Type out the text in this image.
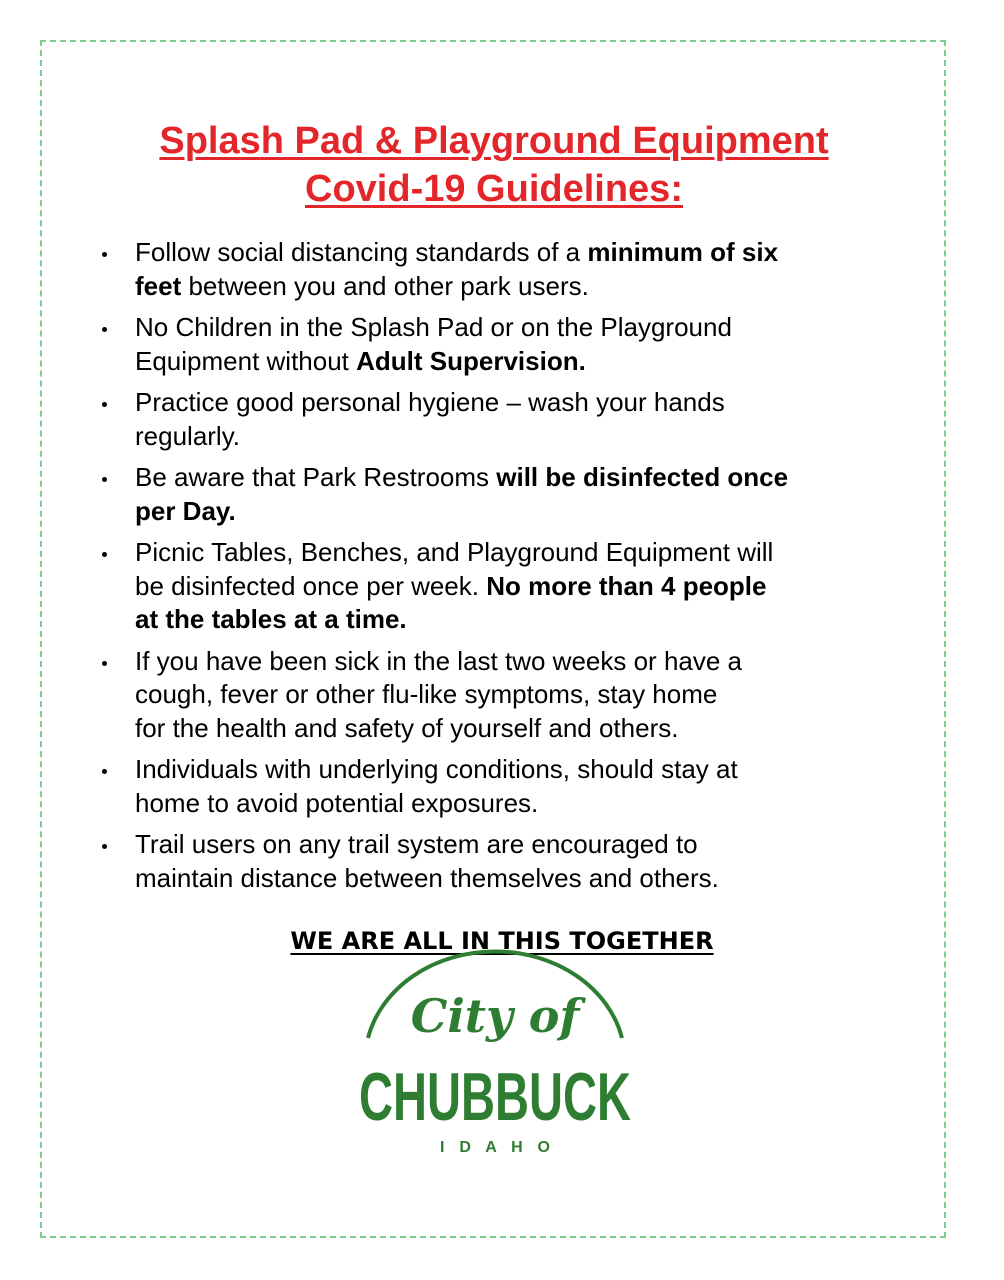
Splash Pad & Playground Equipment
Covid-19 Guidelines:
Follow social distancing standards of a minimum of six
feet between you and other park users.
No Children in the Splash Pad or on the Playground
Equipment without Adult Supervision.
Practice good personal hygiene – wash your hands
regularly.
Be aware that Park Restrooms will be disinfected once
per Day.
Picnic Tables, Benches, and Playground Equipment will
be disinfected once per week. No more than 4 people
at the tables at a time.
If you have been sick in the last two weeks or have a
cough, fever or other flu-like symptoms, stay home
for the health and safety of yourself and others.
Individuals with underlying conditions, should stay at
home to avoid potential exposures.
Trail users on any trail system are encouraged to
maintain distance between themselves and others.
WE ARE ALL IN THIS TOGETHER
City of
CHUBBUCK
I D A H O
